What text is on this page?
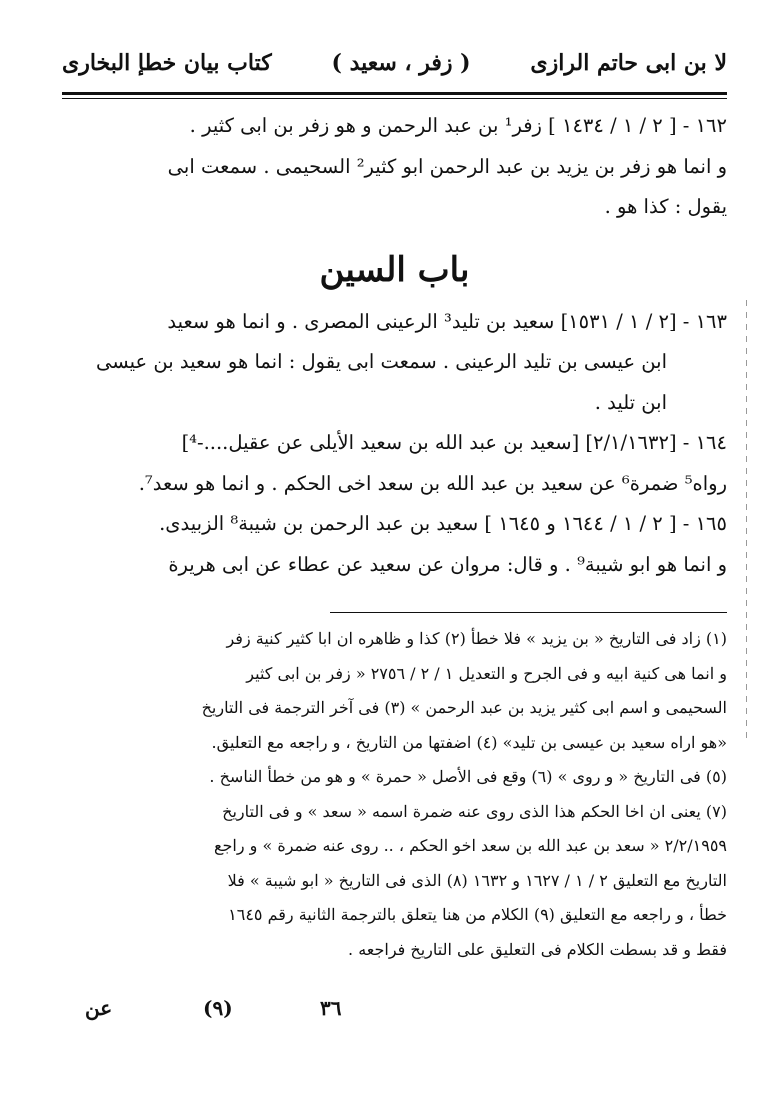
كتاب بيان خطإ البخارى	( زفر ، سعيد )	لا بن ابى حاتم الرازى

١٦٢ - [ ٢ / ١ / ١٤٣٤ ] زفر¹ بن عبد الرحمن و هو زفر بن ابى كثير .

و انما هو زفر بن يزيد بن عبد الرحمن ابو كثير² السحيمى . سمعت ابى

يقول : كذا هو .

باب السين

١٦٣ - [٢ / ١ / ١٥٣١] سعيد بن تليد³ الرعينى المصرى . و انما هو سعيد

ابن عيسى بن تليد الرعينى . سمعت ابى يقول : انما هو سعيد بن عيسى

ابن تليد .

١٦٤ - [٢/١/١٦٣٢] [سعيد بن عبد الله بن سعيد الأيلى عن عقيل....-⁴]

رواه⁵ ضمرة⁶ عن سعيد بن عبد الله بن سعد اخى الحكم . و انما هو سعد⁷.

١٦٥ - [ ٢ / ١ / ١٦٤٤ و ١٦٤٥ ] سعيد بن عبد الرحمن بن شيبة⁸ الزبيدى.

و انما هو ابو شيبة⁹ . و قال: مروان عن سعيد عن عطاء عن ابى هريرة

(١) زاد فى التاريخ « بن يزيد » فلا خطأ (٢) كذا و ظاهره ان ابا كثير كنية زفر

و انما هى كنية ابيه و فى الجرح و التعديل ١ / ٢ / ٢٧٥٦ « زفر بن ابى كثير

السحيمى و اسم ابى كثير يزيد بن عبد الرحمن » (٣) فى آخر الترجمة فى التاريخ

«هو اراه سعيد بن عيسى بن تليد» (٤) اضفتها من التاريخ ، و راجعه مع التعليق.

(٥) فى التاريخ « و روى » (٦) وقع فى الأصل « حمرة » و هو من خطأ الناسخ .

(٧) يعنى ان اخا الحكم هذا الذى روى عنه ضمرة اسمه « سعد » و فى التاريخ

٢/٢/١٩٥٩ « سعد بن عبد الله بن سعد اخو الحكم ، .. روى عنه ضمرة » و راجع

التاريخ مع التعليق ٢ / ١ / ١٦٢٧ و ١٦٣٢ (٨) الذى فى التاريخ « ابو شيبة » فلا

خطأ ، و راجعه مع التعليق (٩) الكلام من هنا يتعلق بالترجمة الثانية رقم ١٦٤٥

فقط و قد بسطت الكلام فى التعليق على التاريخ فراجعه .

٣٦
(٩)
عن
